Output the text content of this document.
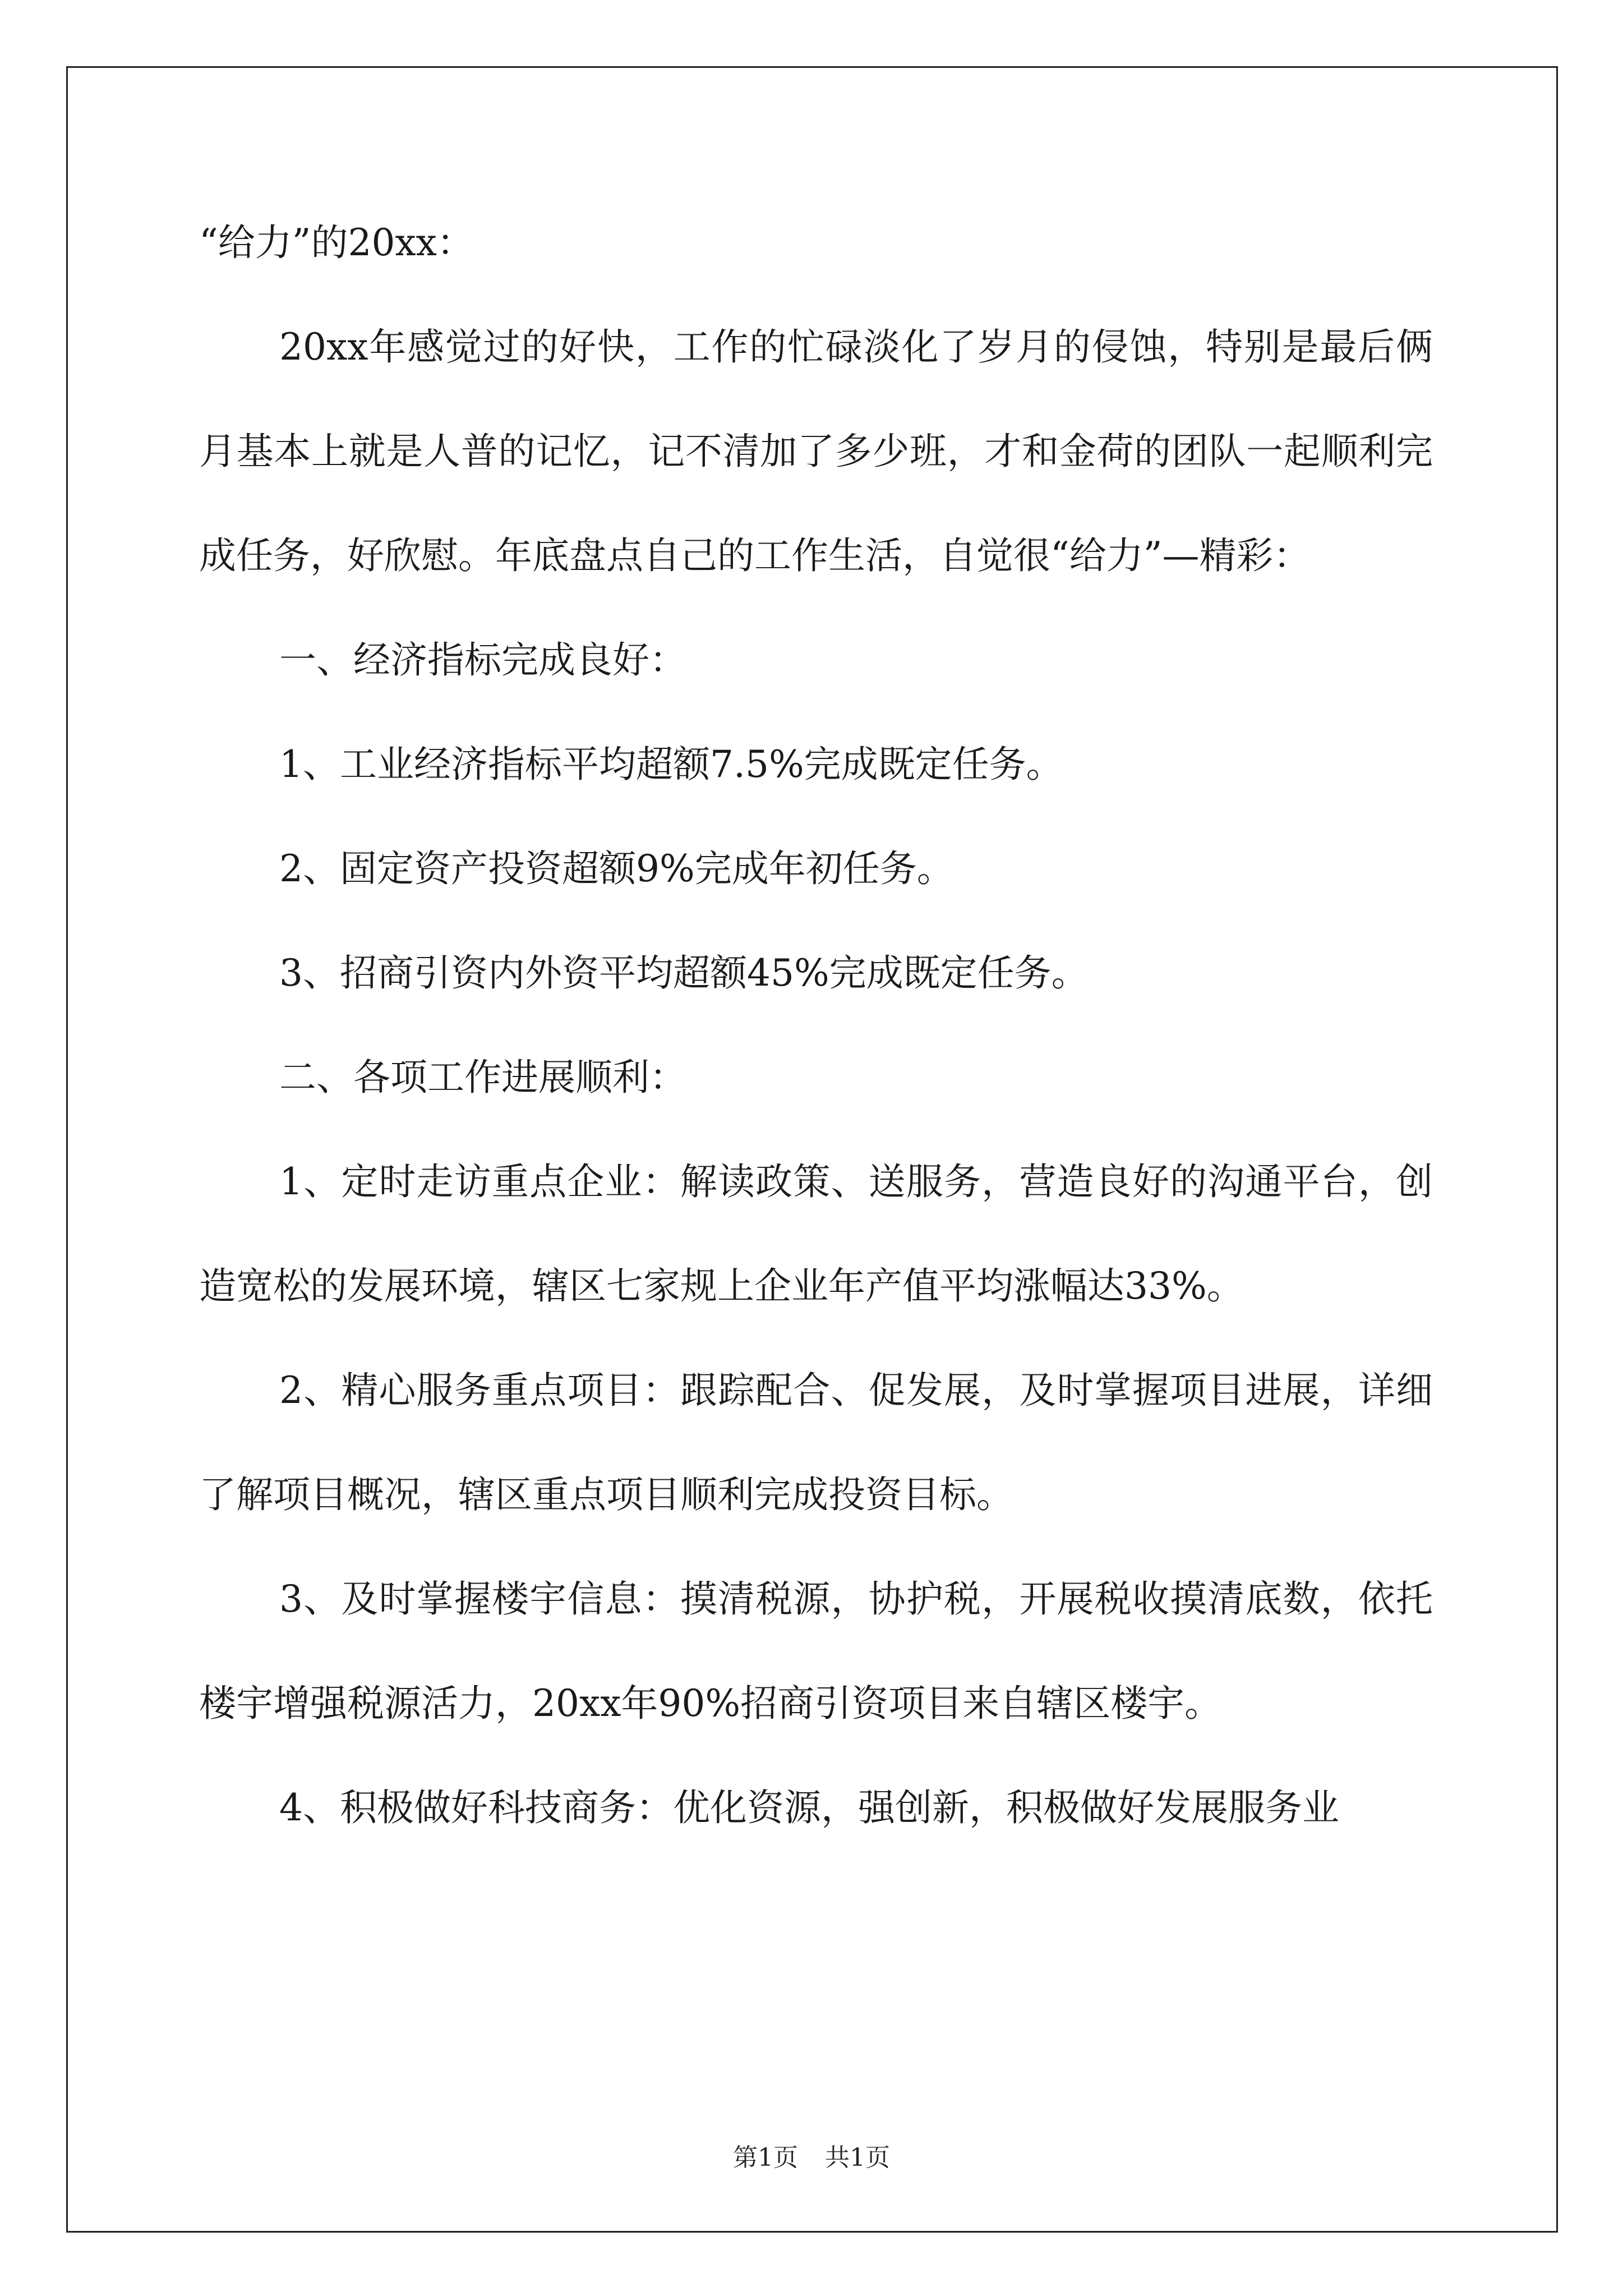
“给力”的20xx：

20xx年感觉过的好快，工作的忙碌淡化了岁月的侵蚀，特别是最后俩月基本上就是人普的记忆，记不清加了多少班，才和金荷的团队一起顺利完成任务，好欣慰。年底盘点自己的工作生活，自觉很“给力”—精彩：

一、经济指标完成良好：

1、工业经济指标平均超额7.5%完成既定任务。

2、固定资产投资超额9%完成年初任务。

3、招商引资内外资平均超额45%完成既定任务。

二、各项工作进展顺利：

1、定时走访重点企业：解读政策、送服务，营造良好的沟通平台，创造宽松的发展环境，辖区七家规上企业年产值平均涨幅达33%。

2、精心服务重点项目：跟踪配合、促发展，及时掌握项目进展，详细了解项目概况，辖区重点项目顺利完成投资目标。

3、及时掌握楼宇信息：摸清税源，协护税，开展税收摸清底数，依托楼宇增强税源活力，20xx年90%招商引资项目来自辖区楼宇。

4、积极做好科技商务：优化资源，强创新，积极做好发展服务业

第1页 共1页
